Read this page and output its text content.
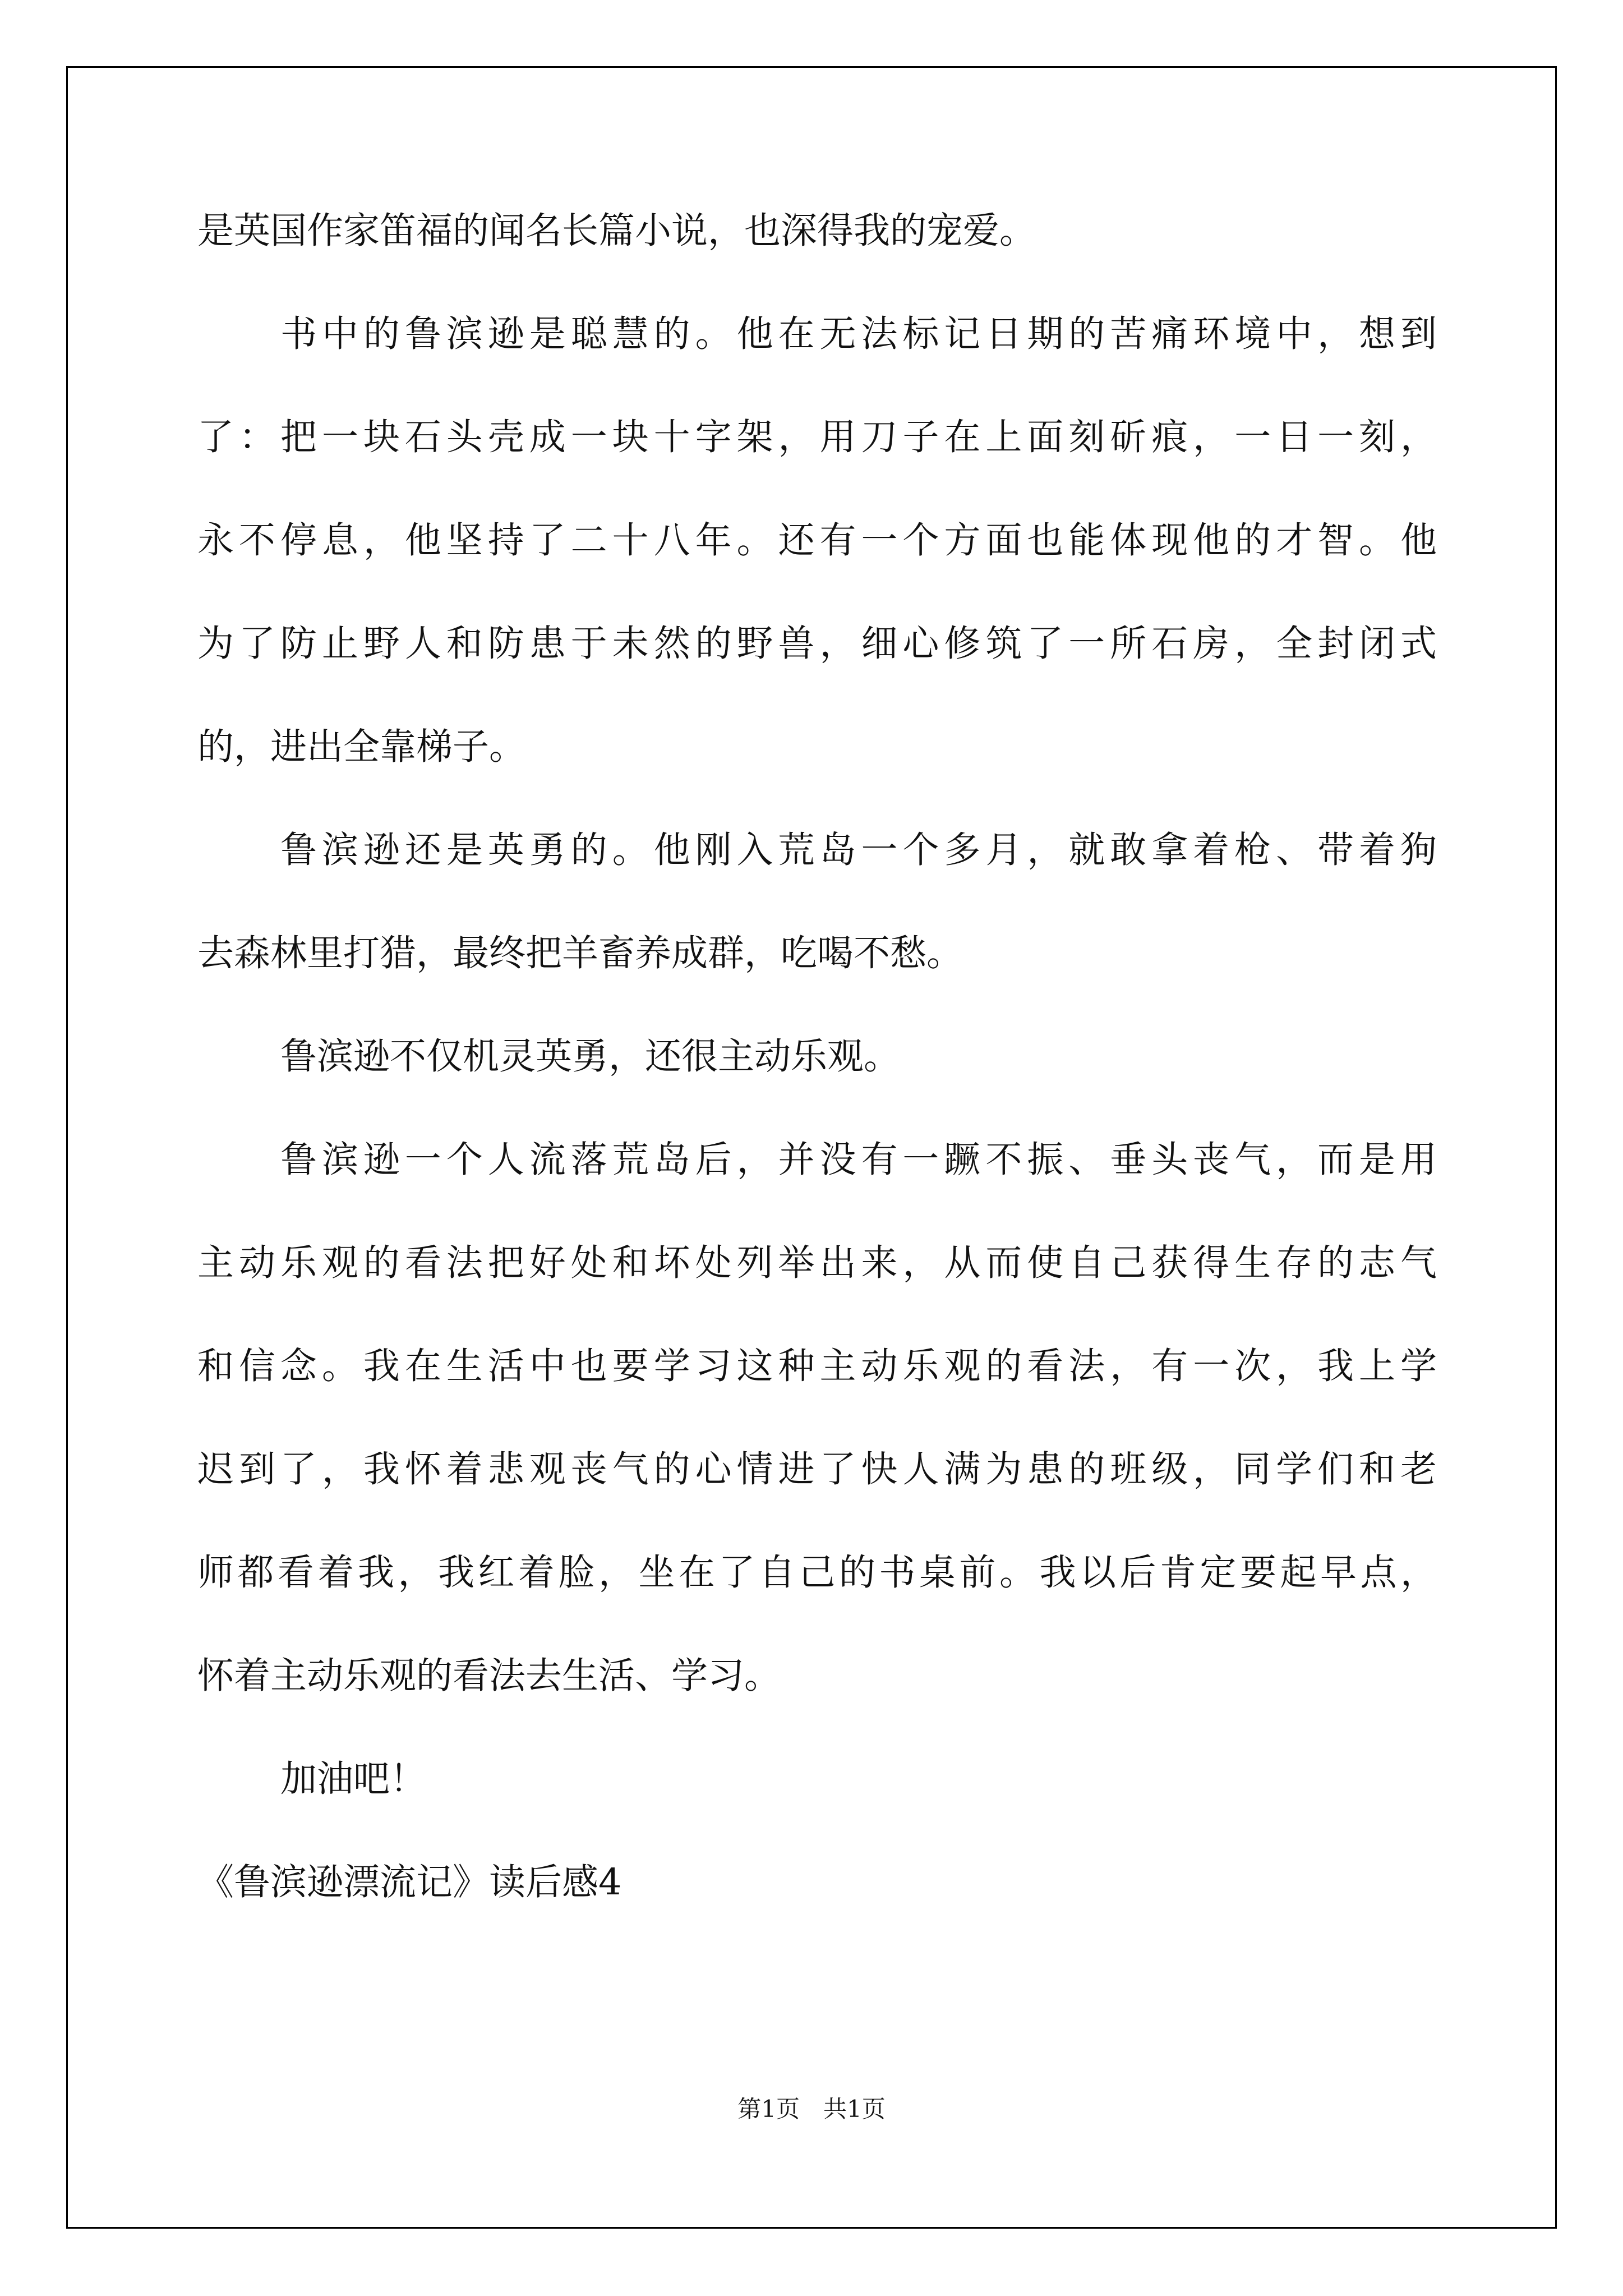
是英国作家笛福的闻名长篇小说，也深得我的宠爱。
书中的鲁滨逊是聪慧的。他在无法标记日期的苦痛环境中，想到
了：把一块石头壳成一块十字架，用刀子在上面刻斫痕，一日一刻，
永不停息，他坚持了二十八年。还有一个方面也能体现他的才智。他
为了防止野人和防患于未然的野兽，细心修筑了一所石房，全封闭式
的，进出全靠梯子。
鲁滨逊还是英勇的。他刚入荒岛一个多月，就敢拿着枪、带着狗
去森林里打猎，最终把羊畜养成群，吃喝不愁。
鲁滨逊不仅机灵英勇，还很主动乐观。
鲁滨逊一个人流落荒岛后，并没有一蹶不振、垂头丧气，而是用
主动乐观的看法把好处和坏处列举出来，从而使自己获得生存的志气
和信念。我在生活中也要学习这种主动乐观的看法，有一次，我上学
迟到了，我怀着悲观丧气的心情进了快人满为患的班级，同学们和老
师都看着我，我红着脸，坐在了自己的书桌前。我以后肯定要起早点，
怀着主动乐观的看法去生活、学习。
加油吧！
《鲁滨逊漂流记》读后感4
第1页　共1页
